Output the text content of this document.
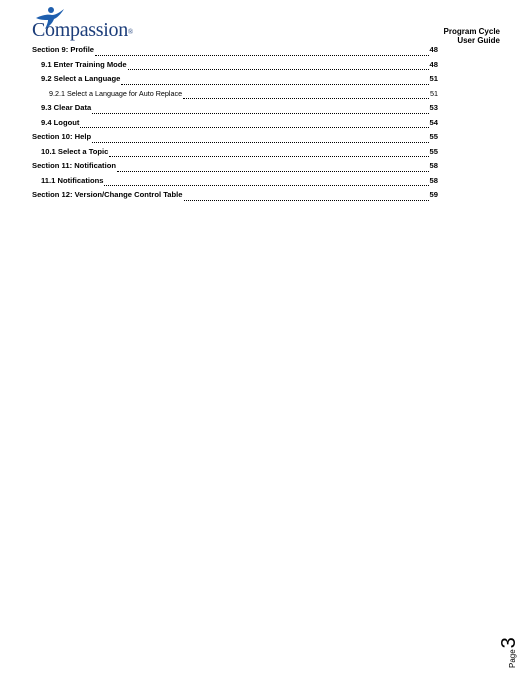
Compassion®	Program Cycle
User Guide
Section 9: Profile	48
9.1 Enter Training Mode	48
9.2 Select a Language	51
9.2.1 Select a Language for Auto Replace	51
9.3 Clear Data	53
9.4 Logout	54
Section 10: Help	55
10.1 Select a Topic	55
Section 11: Notification	58
11.1 Notifications	58
Section 12: Version/Change Control Table	59
Page
3
